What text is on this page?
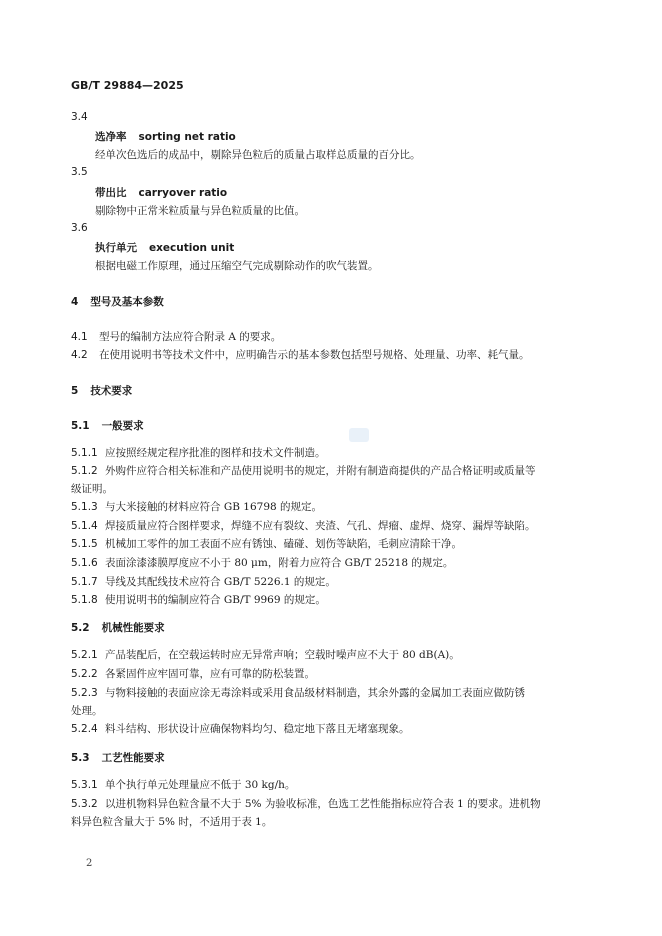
GB/T 29884—2025
3.4
选净率 sorting net ratio
经单次色选后的成品中，剔除异色粒后的质量占取样总质量的百分比。
3.5
带出比 carryover ratio
剔除物中正常米粒质量与异色粒质量的比值。
3.6
执行单元 execution unit
根据电磁工作原理，通过压缩空气完成剔除动作的吹气装置。
4 型号及基本参数
4.1 型号的编制方法应符合附录 A 的要求。
4.2 在使用说明书等技术文件中，应明确告示的基本参数包括型号规格、处理量、功率、耗气量。
5 技术要求
5.1 一般要求
5.1.1 应按照经规定程序批准的图样和技术文件制造。
5.1.2 外购件应符合相关标准和产品使用说明书的规定，并附有制造商提供的产品合格证明或质量等
级证明。
5.1.3 与大米接触的材料应符合 GB 16798 的规定。
5.1.4 焊接质量应符合图样要求，焊缝不应有裂纹、夹渣、气孔、焊瘤、虚焊、烧穿、漏焊等缺陷。
5.1.5 机械加工零件的加工表面不应有锈蚀、磕碰、划伤等缺陷，毛刺应清除干净。
5.1.6 表面涂漆漆膜厚度应不小于 80 μm，附着力应符合 GB/T 25218 的规定。
5.1.7 导线及其配线技术应符合 GB/T 5226.1 的规定。
5.1.8 使用说明书的编制应符合 GB/T 9969 的规定。
5.2 机械性能要求
5.2.1 产品装配后，在空载运转时应无异常声响；空载时噪声应不大于 80 dB(A)。
5.2.2 各紧固件应牢固可靠，应有可靠的防松装置。
5.2.3 与物料接触的表面应涂无毒涂料或采用食品级材料制造，其余外露的金属加工表面应做防锈
处理。
5.2.4 料斗结构、形状设计应确保物料均匀、稳定地下落且无堵塞现象。
5.3 工艺性能要求
5.3.1 单个执行单元处理量应不低于 30 kg/h。
5.3.2 以进机物料异色粒含量不大于 5% 为验收标准，色选工艺性能指标应符合表 1 的要求。进机物
料异色粒含量大于 5% 时，不适用于表 1。
2
